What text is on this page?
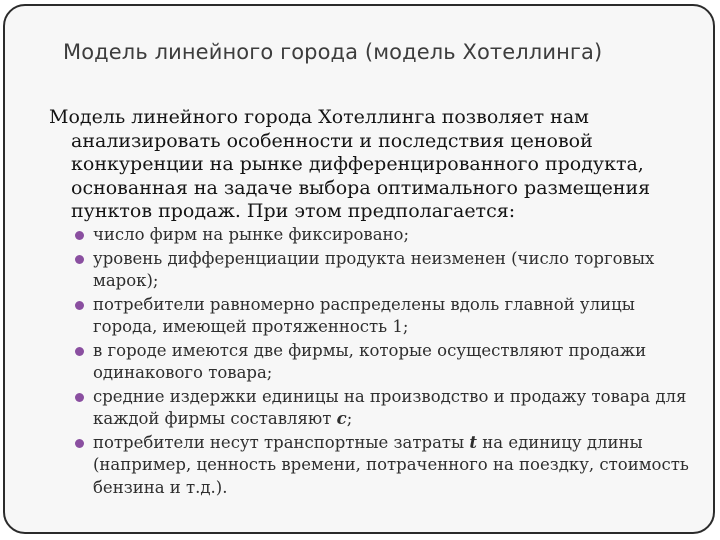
Модель линейного города (модель Хотеллинга)

Модель линейного города Хотеллинга позволяет нам анализировать особенности и последствия ценовой конкуренции на рынке дифференцированного продукта, основанная на задаче выбора оптимального размещения пунктов продаж. При этом предполагается:

число фирм на рынке фиксировано;
уровень дифференциации продукта неизменен (число торговых марок);
потребители равномерно распределены вдоль главной улицы города, имеющей протяженность 1;
в городе имеются две фирмы, которые осуществляют продажи одинакового товара;
средние издержки единицы на производство и продажу товара для каждой фирмы составляют с;
потребители несут транспортные затраты t на единицу длины (например, ценность времени, потраченного на поездку, стоимость бензина и т.д.).
